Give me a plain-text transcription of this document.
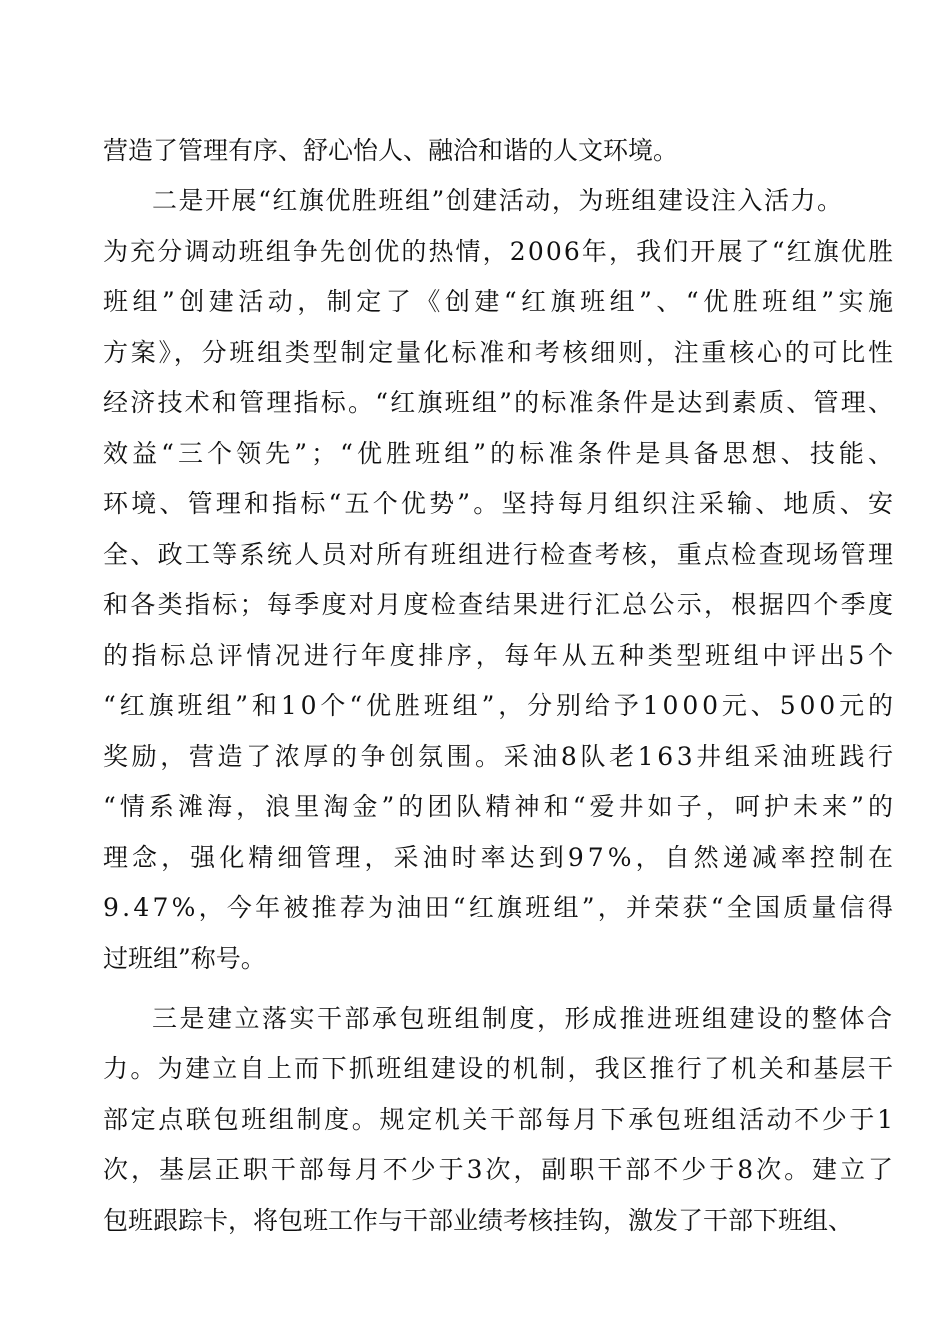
营造了管理有序、舒心怡人、融洽和谐的人文环境。
二是开展“红旗优胜班组”创建活动，为班组建设注入活力。
为充分调动班组争先创优的热情，2006年，我们开展了“红旗优胜
班组”创建活动，制定了《创建“红旗班组”、“优胜班组”实施
方案》，分班组类型制定量化标准和考核细则，注重核心的可比性
经济技术和管理指标。“红旗班组”的标准条件是达到素质、管理、
效益“三个领先”；“优胜班组”的标准条件是具备思想、技能、
环境、管理和指标“五个优势”。坚持每月组织注采输、地质、安
全、政工等系统人员对所有班组进行检查考核，重点检查现场管理
和各类指标；每季度对月度检查结果进行汇总公示，根据四个季度
的指标总评情况进行年度排序，每年从五种类型班组中评出5个
“红旗班组”和10个“优胜班组”，分别给予1000元、500元的
奖励，营造了浓厚的争创氛围。采油8队老163井组采油班践行
“情系滩海，浪里淘金”的团队精神和“爱井如子，呵护未来”的
理念，强化精细管理，采油时率达到97%，自然递减率控制在
9.47%，今年被推荐为油田“红旗班组”，并荣获“全国质量信得
过班组”称号。
三是建立落实干部承包班组制度，形成推进班组建设的整体合
力。为建立自上而下抓班组建设的机制，我区推行了机关和基层干
部定点联包班组制度。规定机关干部每月下承包班组活动不少于1
次，基层正职干部每月不少于3次，副职干部不少于8次。建立了
包班跟踪卡，将包班工作与干部业绩考核挂钩，激发了干部下班组、
